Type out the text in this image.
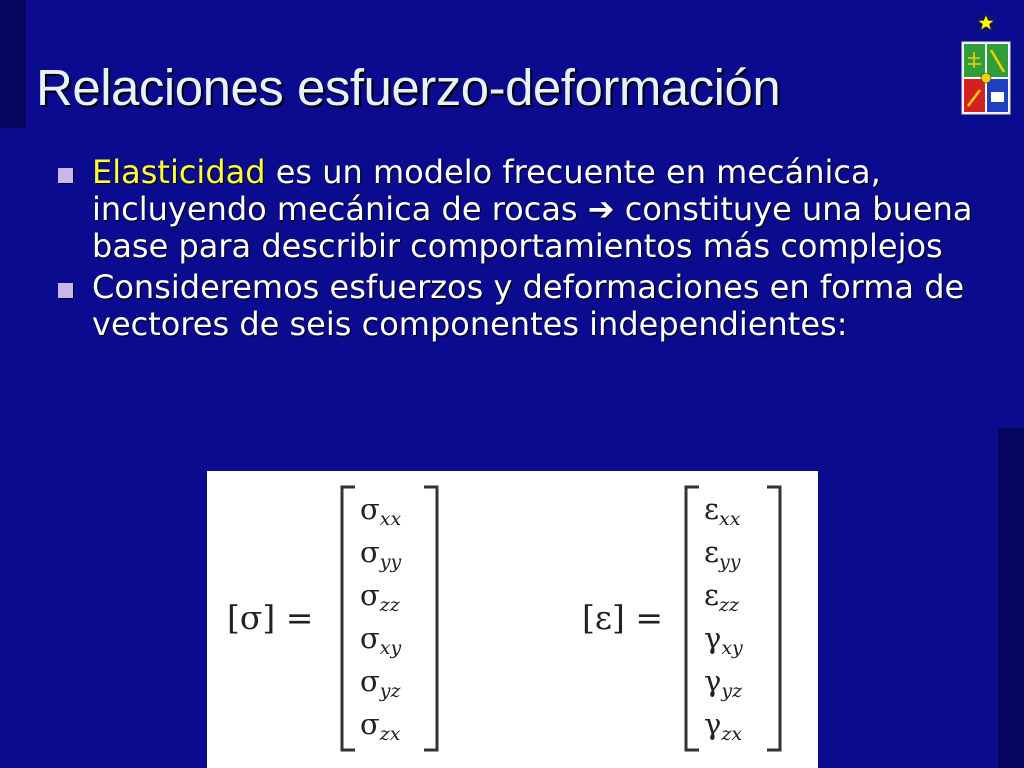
Relaciones esfuerzo-deformación
Elasticidad es un modelo frecuente en mecánica, incluyendo mecánica de rocas ➔ constituye una buena base para describir comportamientos más complejos
Consideremos esfuerzos y deformaciones en forma de vectores de seis componentes independientes:
[σ] =
$\sigma_{xx}$
$\sigma_{yy}$
$\sigma_{zz}$
$\sigma_{xy}$
$\sigma_{yz}$
$\sigma_{zx}$
[ε] =
$\varepsilon_{xx}$
$\varepsilon_{yy}$
$\varepsilon_{zz}$
$\gamma_{xy}$
$\gamma_{yz}$
$\gamma_{zx}$
